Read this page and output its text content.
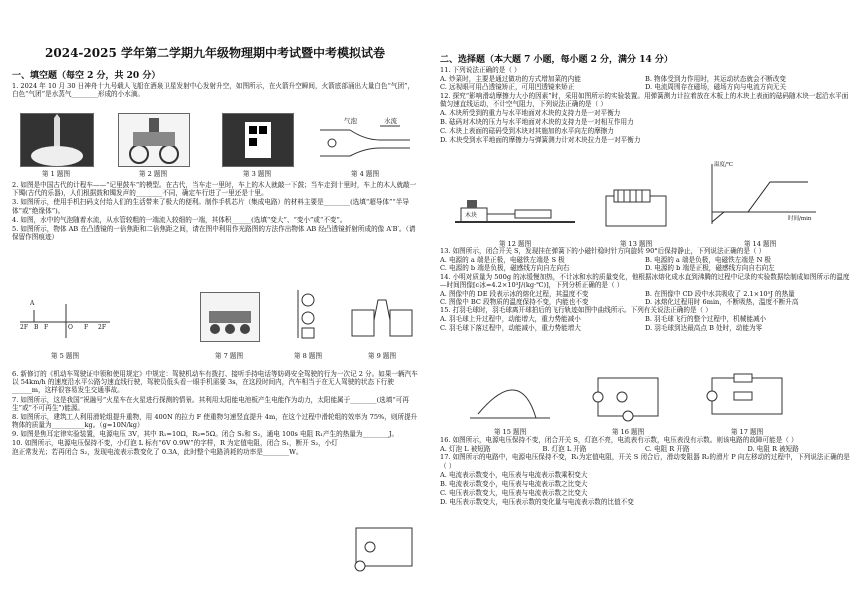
2024-2025 学年第二学期九年级物理期中考试暨中考模拟试卷
一、填空题（每空 2 分，共 20 分）

1. 2024 年 10 月 30 日神舟十九号载人飞船在酒泉卫星发射中心发射升空，如图所示，在火箭升空瞬间，火箭底部涌出大量白色“气团”，白色“气团”是水蒸气________形成的小水滴。

气泡	水流
第 1 题图	第 2 题图	第 3 题图	第 4 题图

2. 如图是中国古代的计程车——“记里鼓车”的模型。在古代，当车走一里时，车上的木人就敲一下鼓；当车走到十里时，车上的木人就敲一下镯(古代的乐器)，人们根据鼓和镯发声的________不同，确定车行进了一里还是十里。

3. 如图所示，使用手机扫码支付给人们的生活带来了极大的便利。制作手机芯片（集成电路）的材料主要是________(选填“超导体”“半导体”或“绝缘体”)。

4. 如图，水中的气泡随着水流，从水管较粗的一端流入较细的一端，其体积______(选填“变大”、“变小”或“不变”。

5. 如图所示，物体 AB 在凸透镜的一倍焦距和二倍焦距之间，请在图中利用作光路图的方法作出物体 AB 经凸透镜折射所成的像 A′B′。（请保留作图痕迹）

A
B
2F	F	O F 2F
第 5 题图	第 7 题图	第 8 题图	第 9 题图

6. 新修订的《机动车驾驶证申领和使用规定》中规定：驾驶机动车有拨打、接听手持电话等妨碍安全驾驶的行为一次记 2 分。如果一辆汽车以 54km/h 的速度沿水平公路匀速直线行驶，驾驶员低头看一眼手机需要 3s，在这段时间内，汽车相当于在无人驾驶的状态下行驶______m，这样很容易发生交通事故。

7. 如图所示，这是我国“祝融号”火星车在火星进行探测的情景。其利用太阳能电池板产生电能作为动力，太阳能属于________(选填“可再生”或“不可再生”)能源。

8. 如图所示，建筑工人利用滑轮组提升重物，用 400N 的拉力 F 使重物匀速竖直提升 4m，在这个过程中滑轮组的效率为 75%，则所提升物体的质量为__________kg。（g=10N/kg）

9. 如图是焦耳定律实验装置，电源电压 3V，其中 R₁=10Ω，R₂=5Ω。闭合 S₁和 S₂，通电 100s 电阻 R₁产生的热量为________J。

10. 如图所示，电源电压保持不变，小灯泡 L 标有“6V 0.9W”的字样，R 为定值电阻，闭合 S₁，断开 S₂，小灯泡正常发光；若再闭合 S₂，发现电流表示数变化了 0.3A，此时整个电路消耗的功率是________W。

二、选择题（本大题 7 小题，每小题 2 分，满分 14 分）

11. 下列说法正确的是（ ）

A. 炒菜时，主要是通过做功的方式增加菜的内能	B. 物体受到力作用时，其运动状态就会不断改变
C. 远视眼可用凸透镜矫正，可用凹透镜来矫正	D. 电流周围存在磁场，磁场方向与电流方向无关

12. 探究“影响滑动摩擦力大小的因素”时，采用如图所示的实验装置。用弹簧测力计拉着放在木板上的木块上表面的砝码随木块一起沿水平面做匀速直线运动，不计空气阻力，下列说法正确的是（ ）

A. 木块所受到的重力与水平地面对木块的支持力是一对平衡力

B. 砝码对木块的压力与水平地面对木块的支持力是一对相互作用力

C. 木块上表面的砝码受到木块对其施加的水平向左的摩擦力

D. 木块受到水平地面的摩擦力与弹簧测力计对木块拉力是一对平衡力

木块
温度/℃
时间/min
第 12 题图	第 13 题图	第 14 题图

13. 如图所示，闭合开关 S，发现挂在弹簧下的小磁针稳时针方向旋转 90°后保持静止，下列说法正确的是（ ）

A. 电源的 a 端是正极，电磁铁左端是 S 极	B. 电源的 a 端是负极，电磁铁左端是 N 极
C. 电源的 b 端是负极，磁感线方向自左向右	D. 电源的 b 端是正极，磁感线方向自右向左

14. 小明对质量为 500g 的冰缓慢加热，不计冰和水的质量变化，他根据冰熔化成水直到沸腾的过程中记录的实验数据绘制成如图所示的温度—时间图像[c冰=4.2×10³J/(kg·℃)]，下列分析正确的是（ ）

A. 图像中的 DE 段表示冰的熔化过程，其温度不变	B. 在图像中 CD 段中水共吸收了 2.1×10⁵J 的热量
C. 图像中 BC 段物质的温度保持不变，内能也不变	D. 冰熔化过程用时 6min，不断吸热，温度不断升高

15. 打羽毛球时，羽毛球离开球拍后的飞行轨迹如图中曲线所示。下列有关说法正确的是（ ）

A. 羽毛球上升过程中，动能增大，重力势能减小	B. 羽毛球飞行的整个过程中，机械能减小
C. 羽毛球下落过程中，动能减小，重力势能增大	D. 羽毛球到达最高点 B 处时，动能为零
第 15 题图	第 16 题图	第 17 题图

16. 如图所示，电源电压保持不变，闭合开关 S，灯泡不亮，电流表有示数，电压表没有示数。则该电路的故障可能是（ ）

A. 灯泡 L 被短路	B. 灯泡 L 开路	C. 电阻 R 开路	D. 电阻 R 被短路

17. 如图所示的电路中，电源电压保持不变，R₁为定值电阻，开关 S 闭合后，滑动变阻器 R₂的滑片 P 向左移动的过程中，下列说法正确的是（ ）

A. 电流表示数变小，电压表与电流表示数乘积变大

B. 电流表示数变小，电压表与电流表示数之比变大

C. 电压表示数变大，电压表与电流表示数之比变大

D. 电压表示数变大，电压表示数的变化量与电流表示数的比值不变
